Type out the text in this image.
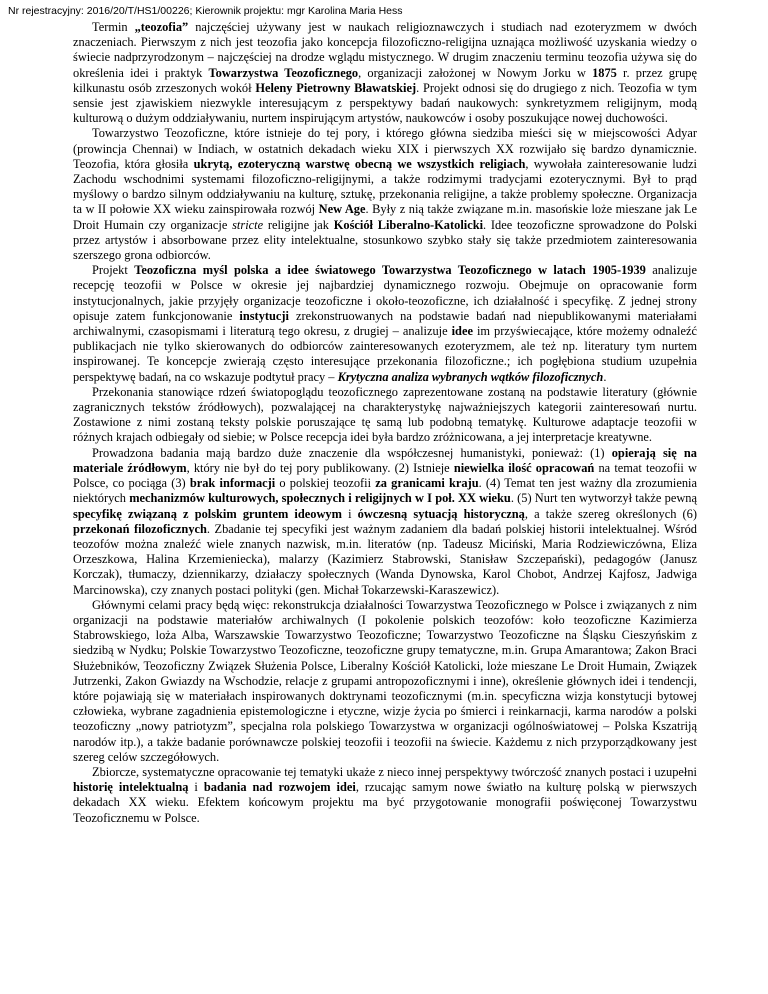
Nr rejestracyjny: 2016/20/T/HS1/00226; Kierownik projektu: mgr Karolina Maria Hess

Termin „teozofia” najczęściej używany jest w naukach religioznawczych i studiach nad ezoteryzmem w dwóch znaczeniach. Pierwszym z nich jest teozofia jako koncepcja filozoficzno-religijna uznająca możliwość uzyskania wiedzy o świecie nadprzyrodzonym – najczęściej na drodze wglądu mistycznego. W drugim znaczeniu terminu teozofia używa się do określenia idei i praktyk Towarzystwa Teozoficznego, organizacji założonej w Nowym Jorku w 1875 r. przez grupę kilkunastu osób zrzeszonych wokół Heleny Pietrowny Bławatskiej. Projekt odnosi się do drugiego z nich. Teozofia w tym sensie jest zjawiskiem niezwykle interesującym z perspektywy badań naukowych: synkretyzmem religijnym, modą kulturową o dużym oddziaływaniu, nurtem inspirującym artystów, naukowców i osoby poszukujące nowej duchowości.

Towarzystwo Teozoficzne, które istnieje do tej pory, i którego główna siedziba mieści się w miejscowości Adyar (prowincja Chennai) w Indiach, w ostatnich dekadach wieku XIX i pierwszych XX rozwijało się bardzo dynamicznie. Teozofia, która głosiła ukrytą, ezoteryczną warstwę obecną we wszystkich religiach, wywołała zainteresowanie ludzi Zachodu wschodnimi systemami filozoficzno-religijnymi, a także rodzimymi tradycjami ezoterycznymi. Był to prąd myślowy o bardzo silnym oddziaływaniu na kulturę, sztukę, przekonania religijne, a także problemy społeczne. Organizacja ta w II połowie XX wieku zainspirowała rozwój New Age. Były z nią także związane m.in. masońskie loże mieszane jak Le Droit Humain czy organizacje stricte religijne jak Kościół Liberalno-Katolicki. Idee teozoficzne sprowadzone do Polski przez artystów i absorbowane przez elity intelektualne, stosunkowo szybko stały się także przedmiotem zainteresowania szerszego grona odbiorców.

Projekt Teozoficzna myśl polska a idee światowego Towarzystwa Teozoficznego w latach 1905-1939 analizuje recepcję teozofii w Polsce w okresie jej najbardziej dynamicznego rozwoju. Obejmuje on opracowanie form instytucjonalnych, jakie przyjęły organizacje teozoficzne i około-teozoficzne, ich działalność i specyfikę. Z jednej strony opisuje zatem funkcjonowanie instytucji zrekonstruowanych na podstawie badań nad niepublikowanymi materiałami archiwalnymi, czasopismami i literaturą tego okresu, z drugiej – analizuje idee im przyświecające, które możemy odnaleźć publikacjach nie tylko skierowanych do odbiorców zainteresowanych ezoteryzmem, ale też np. literatury tym nurtem inspirowanej. Te koncepcje zwierają często interesujące przekonania filozoficzne.; ich pogłębiona studium uzupełnia perspektywę badań, na co wskazuje podtytuł pracy – Krytyczna analiza wybranych wątków filozoficznych.

Przekonania stanowiące rdzeń światopoglądu teozoficznego zaprezentowane zostaną na podstawie literatury (głównie zagranicznych tekstów źródłowych), pozwalającej na charakterystykę najważniejszych kategorii zainteresowań nurtu. Zostawione z nimi zostaną teksty polskie poruszające tę samą lub podobną tematykę. Kulturowe adaptacje teozofii w różnych krajach odbiegały od siebie; w Polsce recepcja idei była bardzo zróżnicowana, a jej interpretacje kreatywne.

Prowadzona badania mają bardzo duże znaczenie dla współczesnej humanistyki, ponieważ: (1) opierają się na materiale źródłowym, który nie był do tej pory publikowany. (2) Istnieje niewielka ilość opracowań na temat teozofii w Polsce, co pociąga (3) brak informacji o polskiej teozofii za granicami kraju. (4) Temat ten jest ważny dla zrozumienia niektórych mechanizmów kulturowych, społecznych i religijnych w I poł. XX wieku. (5) Nurt ten wytworzył także pewną specyfikę związaną z polskim gruntem ideowym i ówczesną sytuacją historyczną, a także szereg określonych (6) przekonań filozoficznych. Zbadanie tej specyfiki jest ważnym zadaniem dla badań polskiej historii intelektualnej. Wśród teozofów można znaleźć wiele znanych nazwisk, m.in. literatów (np. Tadeusz Miciński, Maria Rodziewiczówna, Eliza Orzeszkowa, Halina Krzemieniecka), malarzy (Kazimierz Stabrowski, Stanisław Szczepański), pedagogów (Janusz Korczak), tłumaczy, dziennikarzy, działaczy społecznych (Wanda Dynowska, Karol Chobot, Andrzej Kajfosz, Jadwiga Marcinowska), czy znanych postaci polityki (gen. Michał Tokarzewski-Karaszewicz).

Głównymi celami pracy będą więc: rekonstrukcja działalności Towarzystwa Teozoficznego w Polsce i związanych z nim organizacji na podstawie materiałów archiwalnych (I pokolenie polskich teozofów: koło teozoficzne Kazimierza Stabrowskiego, loża Alba, Warszawskie Towarzystwo Teozoficzne; Towarzystwo Teozoficzne na Śląsku Cieszyńskim z siedzibą w Nydku; Polskie Towarzystwo Teozoficzne, teozoficzne grupy tematyczne, m.in. Grupa Amarantowa; Zakon Braci Służebników, Teozoficzny Związek Służenia Polsce, Liberalny Kościół Katolicki, loże mieszane Le Droit Humain, Związek Jutrzenki, Zakon Gwiazdy na Wschodzie, relacje z grupami antropozoficznymi i inne), określenie głównych idei i tendencji, które pojawiają się w materiałach inspirowanych doktrynami teozoficznymi (m.in. specyficzna wizja konstytucji bytowej człowieka, wybrane zagadnienia epistemologiczne i etyczne, wizje życia po śmierci i reinkarnacji, karma narodów a polski teozoficzny „nowy patriotyzm”, specjalna rola polskiego Towarzystwa w organizacji ogólnoświatowej – Polska Kszatriją narodów itp.), a także badanie porównawcze polskiej teozofii i teozofii na świecie. Każdemu z nich przyporządkowany jest szereg celów szczegółowych.

Zbiorcze, systematyczne opracowanie tej tematyki ukaże z nieco innej perspektywy twórczość znanych postaci i uzupełni historię intelektualną i badania nad rozwojem idei, rzucając samym nowe światło na kulturę polską w pierwszych dekadach XX wieku. Efektem końcowym projektu ma być przygotowanie monografii poświęconej Towarzystwu Teozoficznemu w Polsce.
